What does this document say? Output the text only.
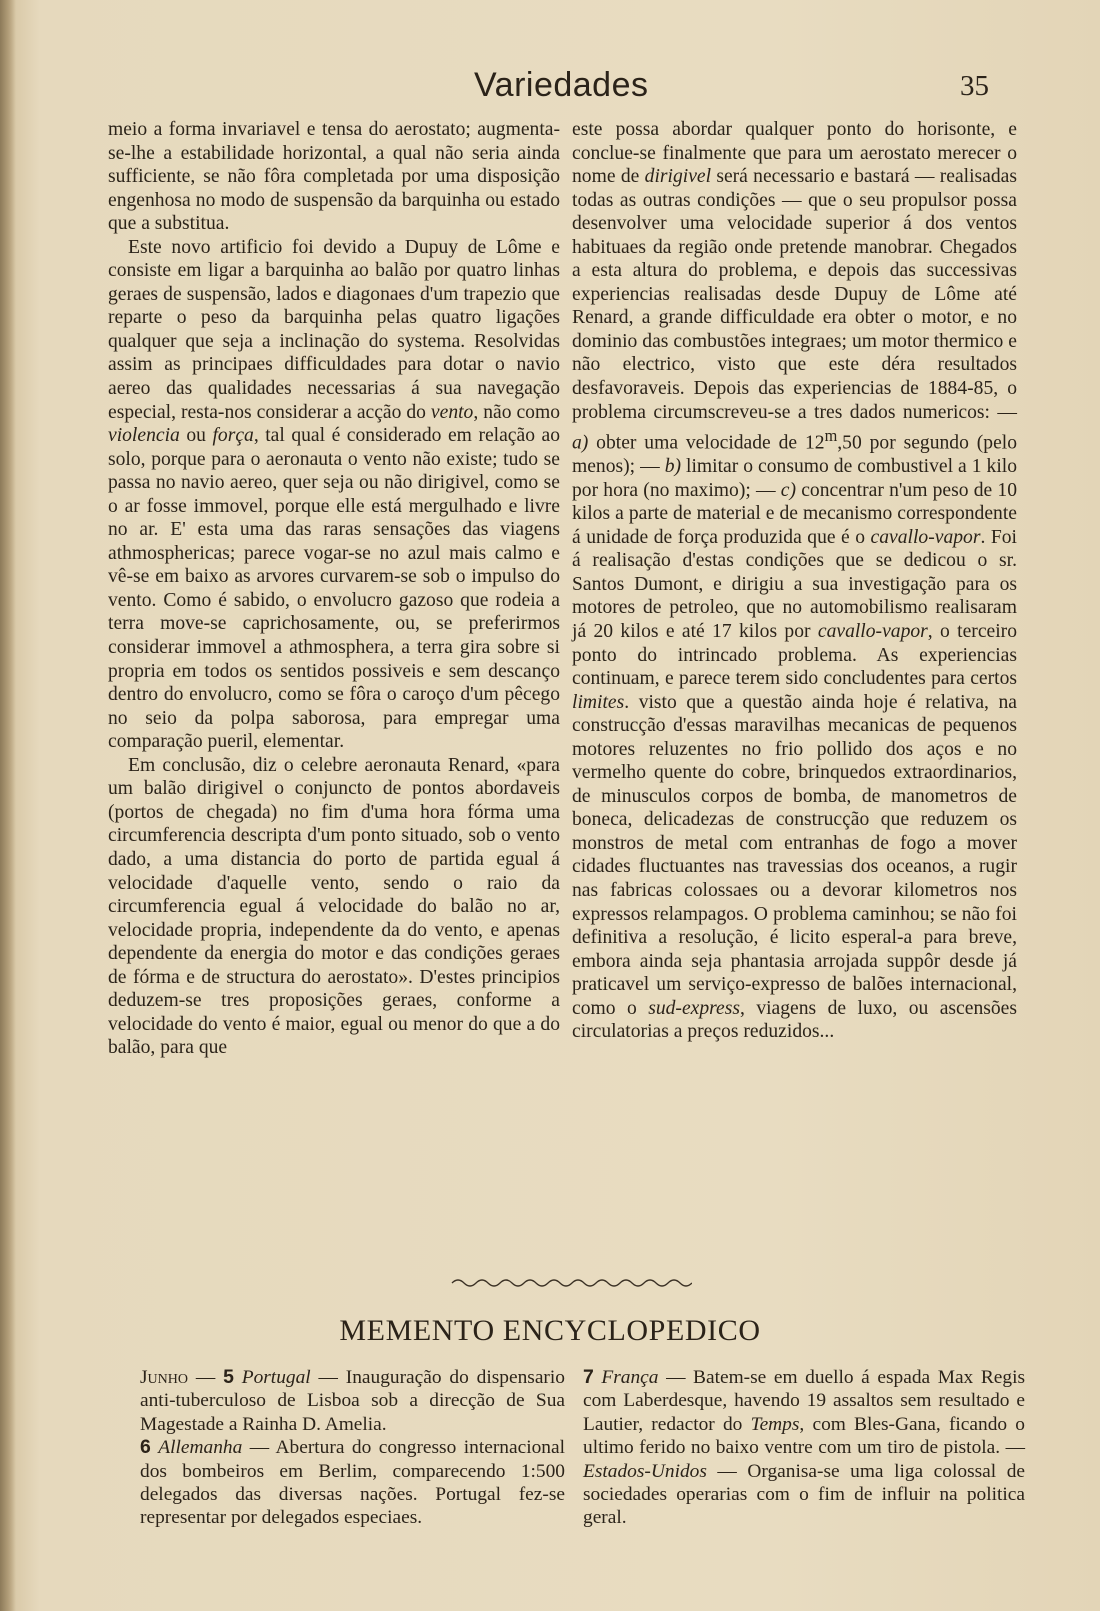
Variedades	35

meio a forma invariavel e tensa do aerostato; augmenta-se-lhe a estabilidade horizontal, a qual não seria ainda sufficiente, se não fôra completada por uma disposição engenhosa no modo de suspensão da barquinha ou estado que a substitua.

Este novo artificio foi devido a Dupuy de Lôme e consiste em ligar a barquinha ao balão por quatro linhas geraes de suspensão, lados e diagonaes d'um trapezio que reparte o peso da barquinha pelas quatro ligações qualquer que seja a inclinação do systema. Resolvidas assim as principaes difficuldades para dotar o navio aereo das qualidades necessarias á sua navegação especial, resta-nos considerar a acção do vento, não como violencia ou força, tal qual é considerado em relação ao solo, porque para o aeronauta o vento não existe; tudo se passa no navio aereo, quer seja ou não dirigivel, como se o ar fosse immovel, porque elle está mergulhado e livre no ar. E' esta uma das raras sensações das viagens athmosphericas; parece vogar-se no azul mais calmo e vê-se em baixo as arvores curvarem-se sob o impulso do vento. Como é sabido, o envolucro gazoso que rodeia a terra move-se caprichosamente, ou, se preferirmos considerar immovel a athmosphera, a terra gira sobre si propria em todos os sentidos possiveis e sem descanço dentro do envolucro, como se fôra o caroço d'um pêcego no seio da polpa saborosa, para empregar uma comparação pueril, elementar.

Em conclusão, diz o celebre aeronauta Renard, «para um balão dirigivel o conjuncto de pontos abordaveis (portos de chegada) no fim d'uma hora fórma uma circumferencia descripta d'um ponto situado, sob o vento dado, a uma distancia do porto de partida egual á velocidade d'aquelle vento, sendo o raio da circumferencia egual á velocidade do balão no ar, velocidade propria, independente da do vento, e apenas dependente da energia do motor e das condições geraes de fórma e de structura do aerostato». D'estes principios deduzem-se tres proposições geraes, conforme a velocidade do vento é maior, egual ou menor do que a do balão, para que

este possa abordar qualquer ponto do horisonte, e conclue-se finalmente que para um aerostato merecer o nome de dirigivel será necessario e bastará — realisadas todas as outras condições — que o seu propulsor possa desenvolver uma velocidade superior á dos ventos habituaes da região onde pretende manobrar. Chegados a esta altura do problema, e depois das successivas experiencias realisadas desde Dupuy de Lôme até Renard, a grande difficuldade era obter o motor, e no dominio das combustões integraes; um motor thermico e não electrico, visto que este déra resultados desfavoraveis. Depois das experiencias de 1884-85, o problema circumscreveu-se a tres dados numericos: — a) obter uma velocidade de 12$^m$,50 por segundo (pelo menos); — b) limitar o consumo de combustivel a 1 kilo por hora (no maximo); — c) concentrar n'um peso de 10 kilos a parte de material e de mecanismo correspondente á unidade de força produzida que é o cavallo-vapor. Foi á realisação d'estas condições que se dedicou o sr. Santos Dumont, e dirigiu a sua investigação para os motores de petroleo, que no automobilismo realisaram já 20 kilos e até 17 kilos por cavallo-vapor, o terceiro ponto do intrincado problema. As experiencias continuam, e parece terem sido concludentes para certos limites. visto que a questão ainda hoje é relativa, na construcção d'essas maravilhas mecanicas de pequenos motores reluzentes no frio pollido dos aços e no vermelho quente do cobre, brinquedos extraordinarios, de minusculos corpos de bomba, de manometros de boneca, delicadezas de construcção que reduzem os monstros de metal com entranhas de fogo a mover cidades fluctuantes nas travessias dos oceanos, a rugir nas fabricas colossaes ou a devorar kilometros nos expressos relampagos. O problema caminhou; se não foi definitiva a resolução, é licito esperal-a para breve, embora ainda seja phantasia arrojada suppôr desde já praticavel um serviço-expresso de balões internacional, como o sud-express, viagens de luxo, ou ascensões circulatorias a preços reduzidos...

MEMENTO ENCYCLOPEDICO

Junho — 5 Portugal — Inauguração do dispensario anti-tuberculoso de Lisboa sob a direcção de Sua Magestade a Rainha D. Amelia.

6 Allemanha — Abertura do congresso internacional dos bombeiros em Berlim, comparecendo 1:500 delegados das diversas nações. Portugal fez-se representar por delegados especiaes.

7 França — Batem-se em duello á espada Max Regis com Laberdesque, havendo 19 assaltos sem resultado e Lautier, redactor do Temps, com Bles-Gana, ficando o ultimo ferido no baixo ventre com um tiro de pistola. — Estados-Unidos — Organisa-se uma liga colossal de sociedades operarias com o fim de influir na politica geral.
